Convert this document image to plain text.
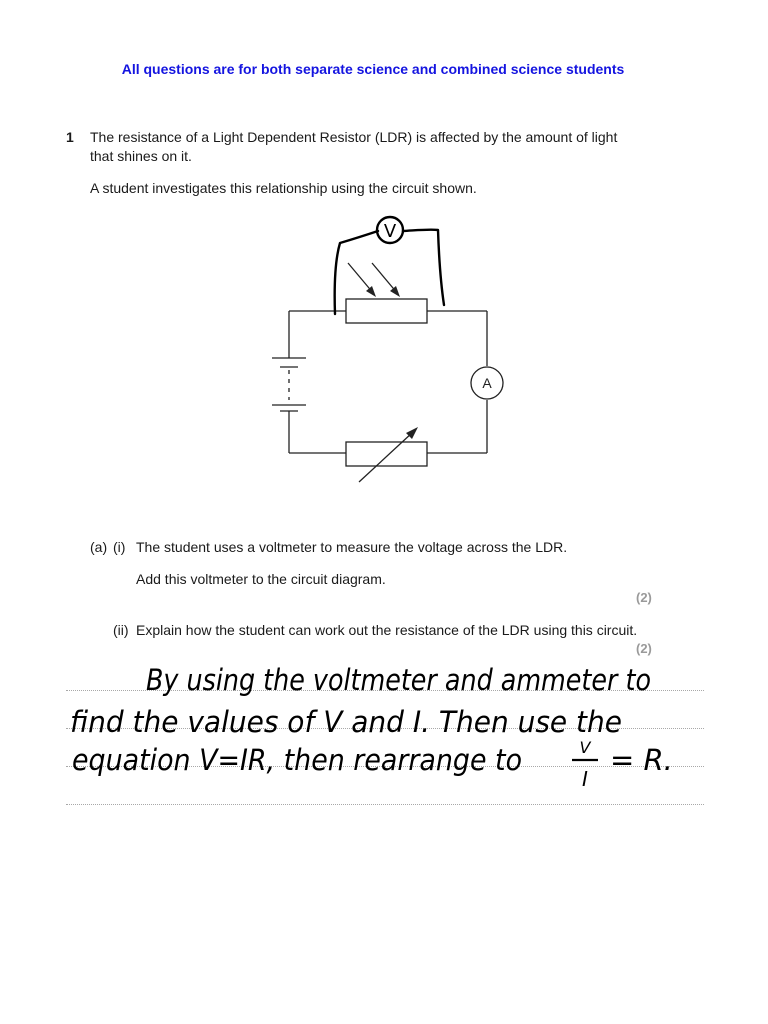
All questions are for both separate science and combined science students
1 The resistance of a Light Dependent Resistor (LDR) is affected by the amount of light
that shines on it.
A student investigates this relationship using the circuit shown.
A
V
(a) (i) The student uses a voltmeter to measure the voltage across the LDR.
Add this voltmeter to the circuit diagram.
(2)
(ii) Explain how the student can work out the resistance of the LDR using this circuit.
(2)
By using the voltmeter and ammeter to
find the values of V and I. Then use the
equation V=IR, then rearrange to	V
I
= R.
